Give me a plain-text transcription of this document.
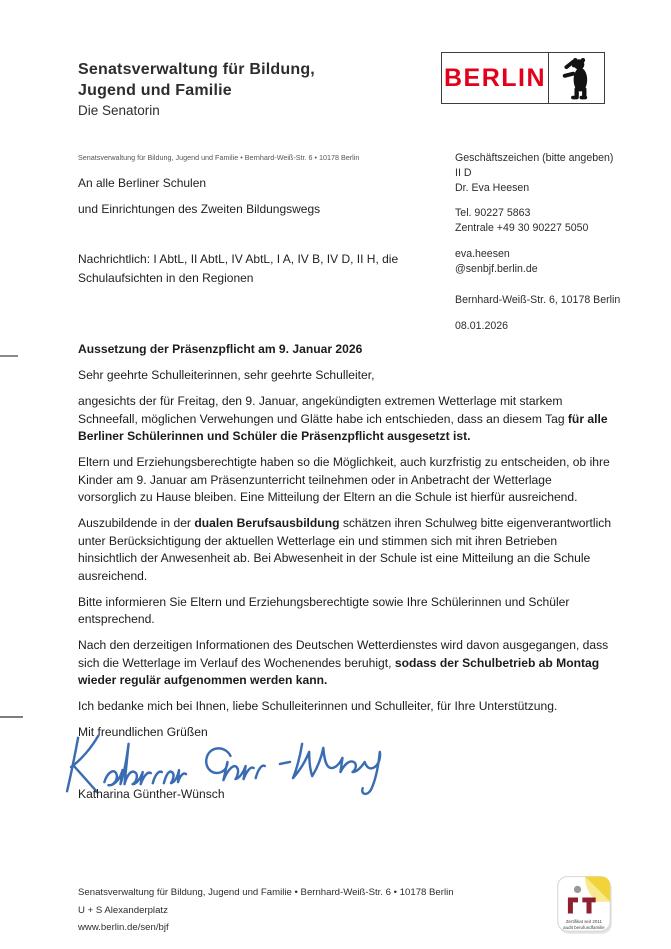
Senatsverwaltung für Bildung,
Jugend und Familie
Die Senatorin
BERLIN
Senatsverwaltung für Bildung, Jugend und Familie • Bernhard-Weiß-Str. 6 • 10178 Berlin
An alle Berliner Schulen
und Einrichtungen des Zweiten Bildungswegs
Nachrichtlich: I AbtL, II AbtL, IV AbtL, I A, IV B, IV D, II H, die Schulaufsichten in den Regionen
Geschäftszeichen (bitte angeben)
II D
Dr. Eva Heesen
Tel. 90227 5863
Zentrale +49 30 90227 5050
eva.heesen
@senbjf.berlin.de
Bernhard-Weiß-Str. 6, 10178 Berlin
08.01.2026

Aussetzung der Präsenzpflicht am 9. Januar 2026

Sehr geehrte Schulleiterinnen, sehr geehrte Schulleiter,

angesichts der für Freitag, den 9. Januar, angekündigten extremen Wetterlage mit starkem Schneefall, möglichen Verwehungen und Glätte habe ich entschieden, dass an diesem Tag für alle Berliner Schülerinnen und Schüler die Präsenzpflicht ausgesetzt ist.

Eltern und Erziehungsberechtigte haben so die Möglichkeit, auch kurzfristig zu entscheiden, ob ihre Kinder am 9. Januar am Präsenzunterricht teilnehmen oder in Anbetracht der Wetterlage vorsorglich zu Hause bleiben. Eine Mitteilung der Eltern an die Schule ist hierfür ausreichend.

Auszubildende in der dualen Berufsausbildung schätzen ihren Schulweg bitte eigenverantwortlich unter Berücksichtigung der aktuellen Wetterlage ein und stimmen sich mit ihren Betrieben hinsichtlich der Anwesenheit ab. Bei Abwesenheit in der Schule ist eine Mitteilung an die Schule ausreichend.

Bitte informieren Sie Eltern und Erziehungsberechtigte sowie Ihre Schülerinnen und Schüler entsprechend.

Nach den derzeitigen Informationen des Deutschen Wetterdienstes wird davon ausgegangen, dass sich die Wetterlage im Verlauf des Wochenendes beruhigt, sodass der Schulbetrieb ab Montag wieder regulär aufgenommen werden kann.

Ich bedanke mich bei Ihnen, liebe Schulleiterinnen und Schulleiter, für Ihre Unterstützung.

Mit freundlichen Grüßen

Katharina Günther-Wünsch
Senatsverwaltung für Bildung, Jugend und Familie • Bernhard-Weiß-Str. 6 • 10178 Berlin
U + S Alexanderplatz
www.berlin.de/sen/bjf
Zertifikat seit 2011
audit berufundfamilie
